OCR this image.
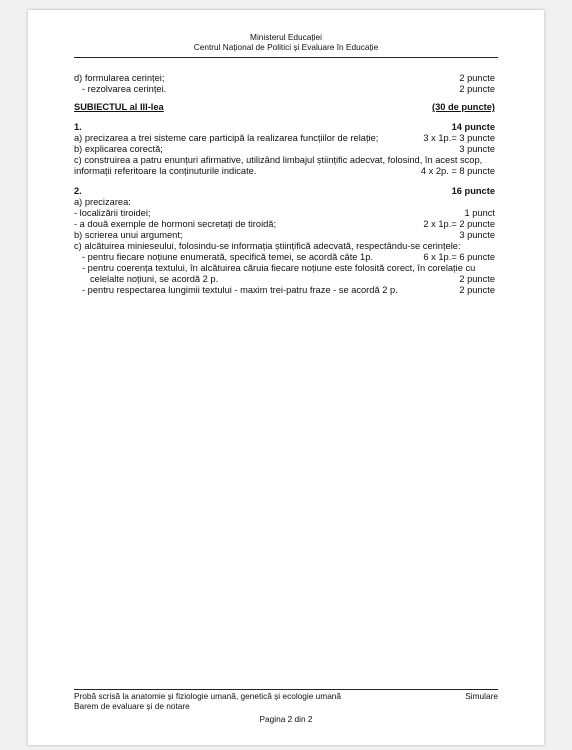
Ministerul Educației
Centrul Național de Politici și Evaluare în Educație
d) formularea cerinței;	2 puncte
- rezolvarea cerinței.	2 puncte
SUBIECTUL al III-lea	(30 de puncte)
1.	14 puncte
a) precizarea a trei sisteme care participă la realizarea funcțiilor de relație;	3 x 1p.= 3 puncte
b) explicarea corectă;	3 puncte
c) construirea a patru enunțuri afirmative, utilizând limbajul științific adecvat, folosind, în acest scop,
informații referitoare la conținuturile indicate.	4 x 2p. = 8 puncte
2.	16 puncte
a) precizarea:
- localizării tiroidei;	1 punct
- a două exemple de hormoni secretați de tiroidă;	2 x 1p.= 2 puncte
b) scrierea unui argument;	3 puncte
c) alcătuirea minieseului, folosindu-se informația științifică adecvată, respectându-se cerințele:
- pentru fiecare noțiune enumerată, specifică temei, se acordă câte 1p.	6 x 1p.= 6 puncte
- pentru coerența textului, în alcătuirea căruia fiecare noțiune este folosită corect, în corelație cu
celelalte noțiuni, se acordă 2 p.	2 puncte
- pentru respectarea lungimii textului - maxim trei-patru fraze - se acordă 2 p.	2 puncte
Probă scrisă la anatomie și fiziologie umană, genetică și ecologie umană	Simulare
Barem de evaluare și de notare
Pagina 2 din 2
